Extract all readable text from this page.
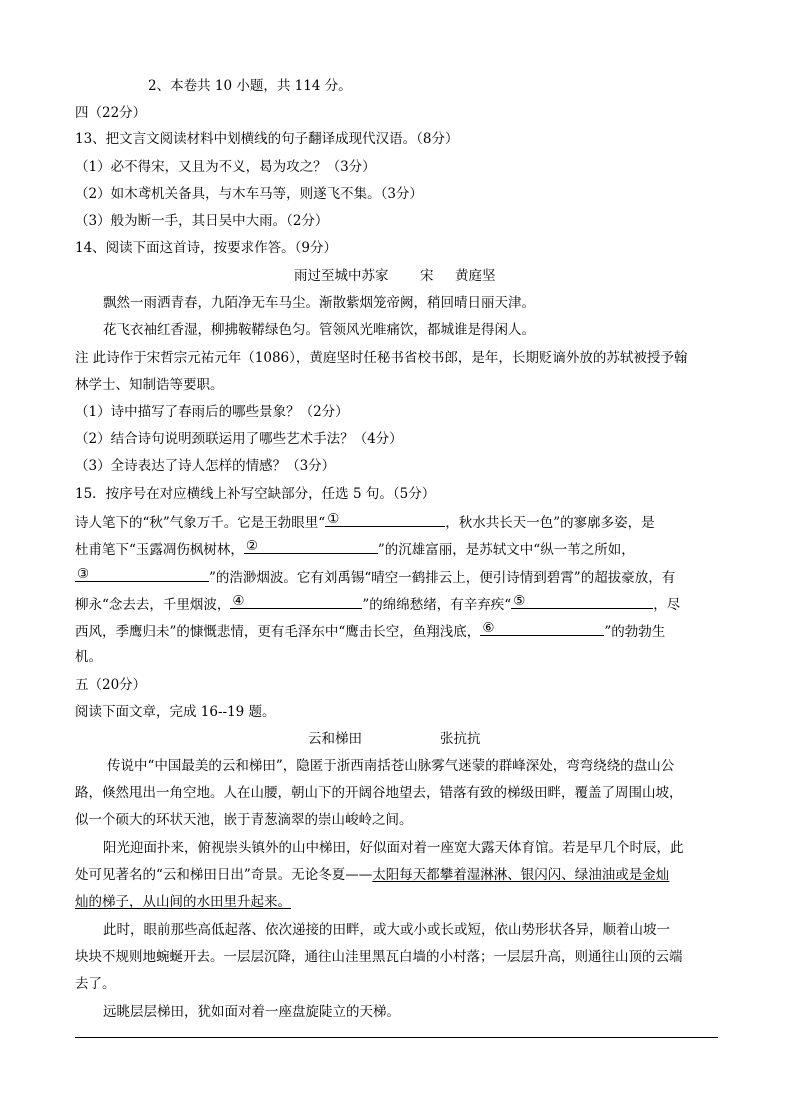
2、本卷共 10 小题，共 114 分。
四（22分）
13、把文言文阅读材料中划横线的句子翻译成现代汉语。（8分）
（1）必不得宋，又且为不义，曷为攻之？（3分）
（2）如木鸢机关备具，与木车马等，则遂飞不集。（3分）
（3）般为断一手，其日吴中大雨。（2分）
14、阅读下面这首诗，按要求作答。（9分）
雨过至城中苏家 宋 黄庭坚
飘然一雨洒青春，九陌净无车马尘。渐散紫烟笼帝阙，稍回晴日丽天津。
花飞衣袖红香湿，柳拂鞍鞯绿色匀。管领风光唯痛饮，都城谁是得闲人。
注 此诗作于宋哲宗元祐元年（1086），黄庭坚时任秘书省校书郎，是年，长期贬谪外放的苏轼被授予翰
林学士、知制诰等要职。
（1）诗中描写了春雨后的哪些景象？（2分）
（2）结合诗句说明颈联运用了哪些艺术手法？（4分）
（3）全诗表达了诗人怎样的情感？（3分）
15．按序号在对应横线上补写空缺部分，任选 5 句。（5分）
诗人笔下的“秋”气象万千。它是王勃眼里“ ①	，秋水共长天一色”的寥廓多姿，是
杜甫笔下“玉露凋伤枫树林， ②	”的沉雄富丽，是苏轼文中“纵一苇之所如，
③	”的浩渺烟波。它有刘禹锡“晴空一鹤排云上，便引诗情到碧霄”的超拔豪放，有
柳永“念去去，千里烟波， ④	”的绵绵愁绪，有辛弃疾“ ⑤	，尽
西风，季鹰归未”的慷慨悲情，更有毛泽东中“鹰击长空，鱼翔浅底， ⑥	”的勃勃生
机。
五（20分）
阅读下面文章，完成 16--19 题。
云和梯田	张抗抗
传说中“中国最美的云和梯田”，隐匿于浙西南括苍山脉雾气迷蒙的群峰深处，弯弯绕绕的盘山公
路，倏然甩出一角空地。人在山腰，朝山下的开阔谷地望去，错落有致的梯级田畔，覆盖了周围山坡，
似一个硕大的环状天池，嵌于青葱滴翠的崇山峻岭之间。
阳光迎面扑来，俯视崇头镇外的山中梯田，好似面对着一座宽大露天体育馆。若是早几个时辰，此
处可见著名的“云和梯田日出”奇景。无论冬夏——太阳每天都攀着湿淋淋、银闪闪、绿油油或是金灿
灿的梯子，从山间的水田里升起来。
此时，眼前那些高低起落、依次递接的田畔，或大或小或长或短，依山势形状各异，顺着山坡一
块块不规则地蜿蜒开去。一层层沉降，通往山洼里黑瓦白墙的小村落；一层层升高，则通往山顶的云端
去了。
远眺层层梯田，犹如面对着一座盘旋陡立的天梯。
